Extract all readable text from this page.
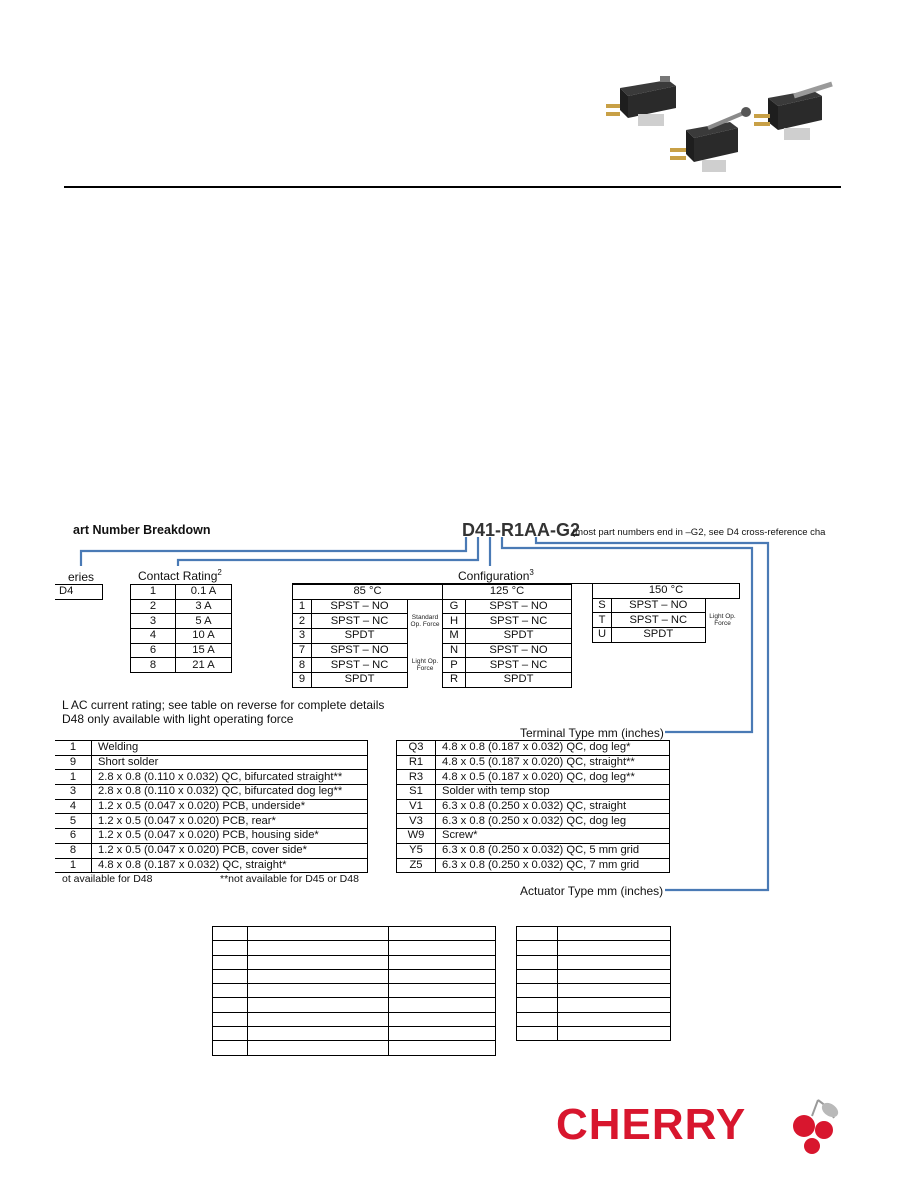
art Number Breakdown	D41-R1AA-G2
(most part numbers end in –G2, see D4 cross-reference cha
eries
D4
Contact Rating$^2$
1	0.1 A
2	3 A
3	5 A
4	10 A
6	15 A
8	21 A
Configuration$^3$
85 °C		
1	SPST – NO	Standard Op. Force
2	SPST – NC	
3	SPDT	
7	SPST – NO	Light Op. Force
8	SPST – NC	
9	SPDT	
125 °C	
G	SPST – NO
H	SPST – NC
M	SPDT
N	SPST – NO
P	SPST – NC
R	SPDT
150 °C		
S	SPST – NO	Light Op. Force
T	SPST – NC	
U	SPDT	
L AC current rating; see table on reverse for complete details
D48 only available with light operating force
Terminal Type mm (inches)
1	Welding
9	Short solder
1	2.8 x 0.8 (0.110 x 0.032) QC, bifurcated straight**
3	2.8 x 0.8 (0.110 x 0.032) QC, bifurcated dog leg**
4	1.2 x 0.5 (0.047 x 0.020) PCB, underside*
5	1.2 x 0.5 (0.047 x 0.020) PCB, rear*
6	1.2 x 0.5 (0.047 x 0.020) PCB, housing side*
8	1.2 x 0.5 (0.047 x 0.020) PCB, cover side*
1	4.8 x 0.8 (0.187 x 0.032) QC, straight*
Q3	4.8 x 0.8 (0.187 x 0.032) QC, dog leg*
R1	4.8 x 0.5 (0.187 x 0.020) QC, straight**
R3	4.8 x 0.5 (0.187 x 0.020) QC, dog leg**
S1	Solder with temp stop
V1	6.3 x 0.8 (0.250 x 0.032) QC, straight
V3	6.3 x 0.8 (0.250 x 0.032) QC, dog leg
W9	Screw*
Y5	6.3 x 0.8 (0.250 x 0.032) QC, 5 mm grid
Z5	6.3 x 0.8 (0.250 x 0.032) QC, 7 mm grid
ot available for D48	**not available for D45 or D48
Actuator Type mm (inches)

CHERRY
